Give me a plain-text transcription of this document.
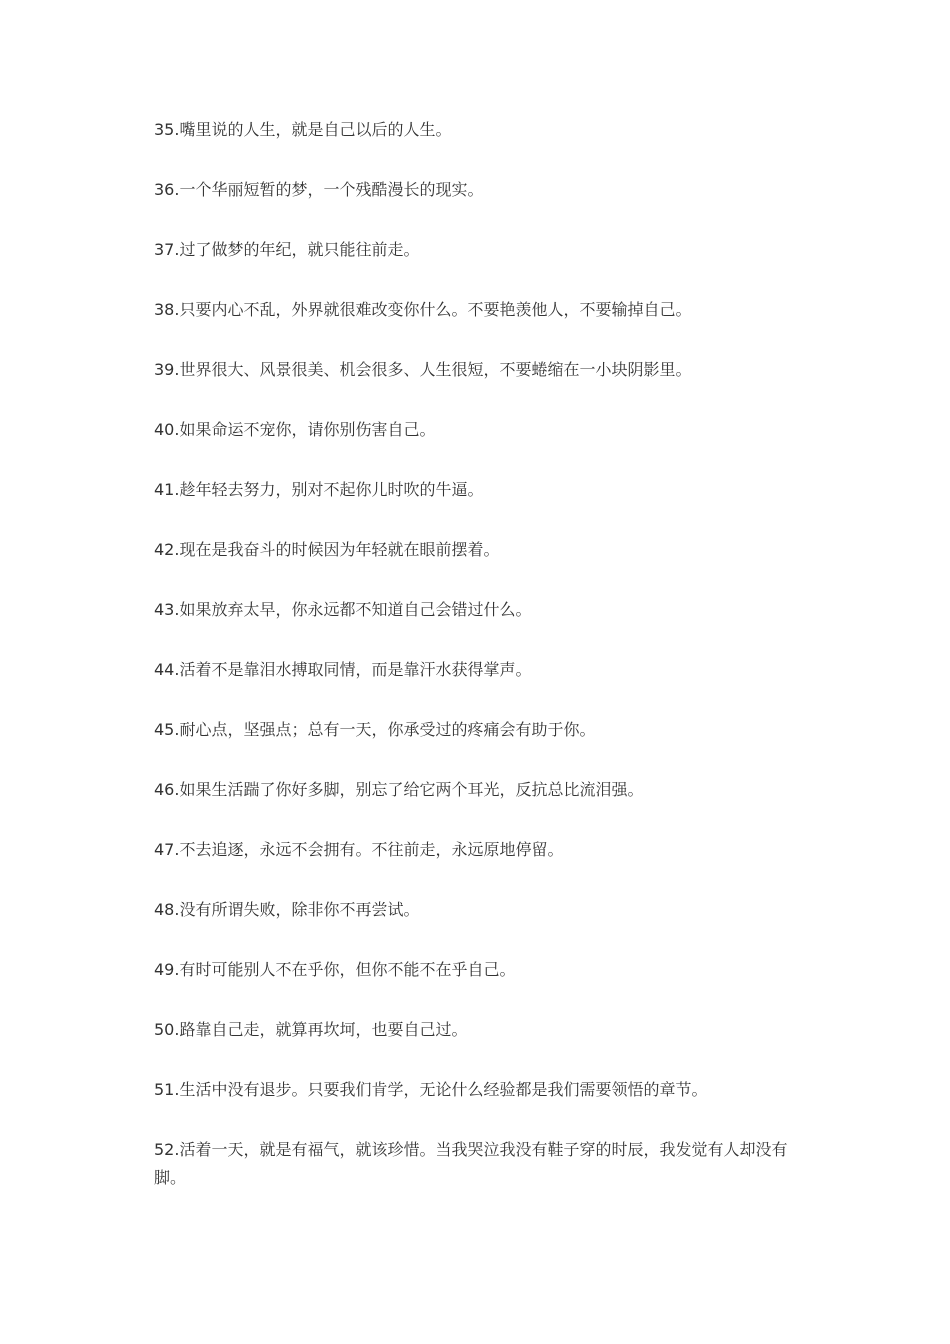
35.嘴里说的人生，就是自己以后的人生。

36.一个华丽短暂的梦，一个残酷漫长的现实。

37.过了做梦的年纪，就只能往前走。

38.只要内心不乱，外界就很难改变你什么。不要艳羡他人，不要输掉自己。

39.世界很大、风景很美、机会很多、人生很短，不要蜷缩在一小块阴影里。

40.如果命运不宠你，请你别伤害自己。

41.趁年轻去努力，别对不起你儿时吹的牛逼。

42.现在是我奋斗的时候因为年轻就在眼前摆着。

43.如果放弃太早，你永远都不知道自己会错过什么。

44.活着不是靠泪水搏取同情，而是靠汗水获得掌声。

45.耐心点，坚强点；总有一天，你承受过的疼痛会有助于你。

46.如果生活踹了你好多脚，别忘了给它两个耳光，反抗总比流泪强。

47.不去追逐，永远不会拥有。不往前走，永远原地停留。

48.没有所谓失败，除非你不再尝试。

49.有时可能别人不在乎你，但你不能不在乎自己。

50.路靠自己走，就算再坎坷，也要自己过。

51.生活中没有退步。只要我们肯学，无论什么经验都是我们需要领悟的章节。

52.活着一天，就是有福气，就该珍惜。当我哭泣我没有鞋子穿的时辰，我发觉有人却没有脚。
